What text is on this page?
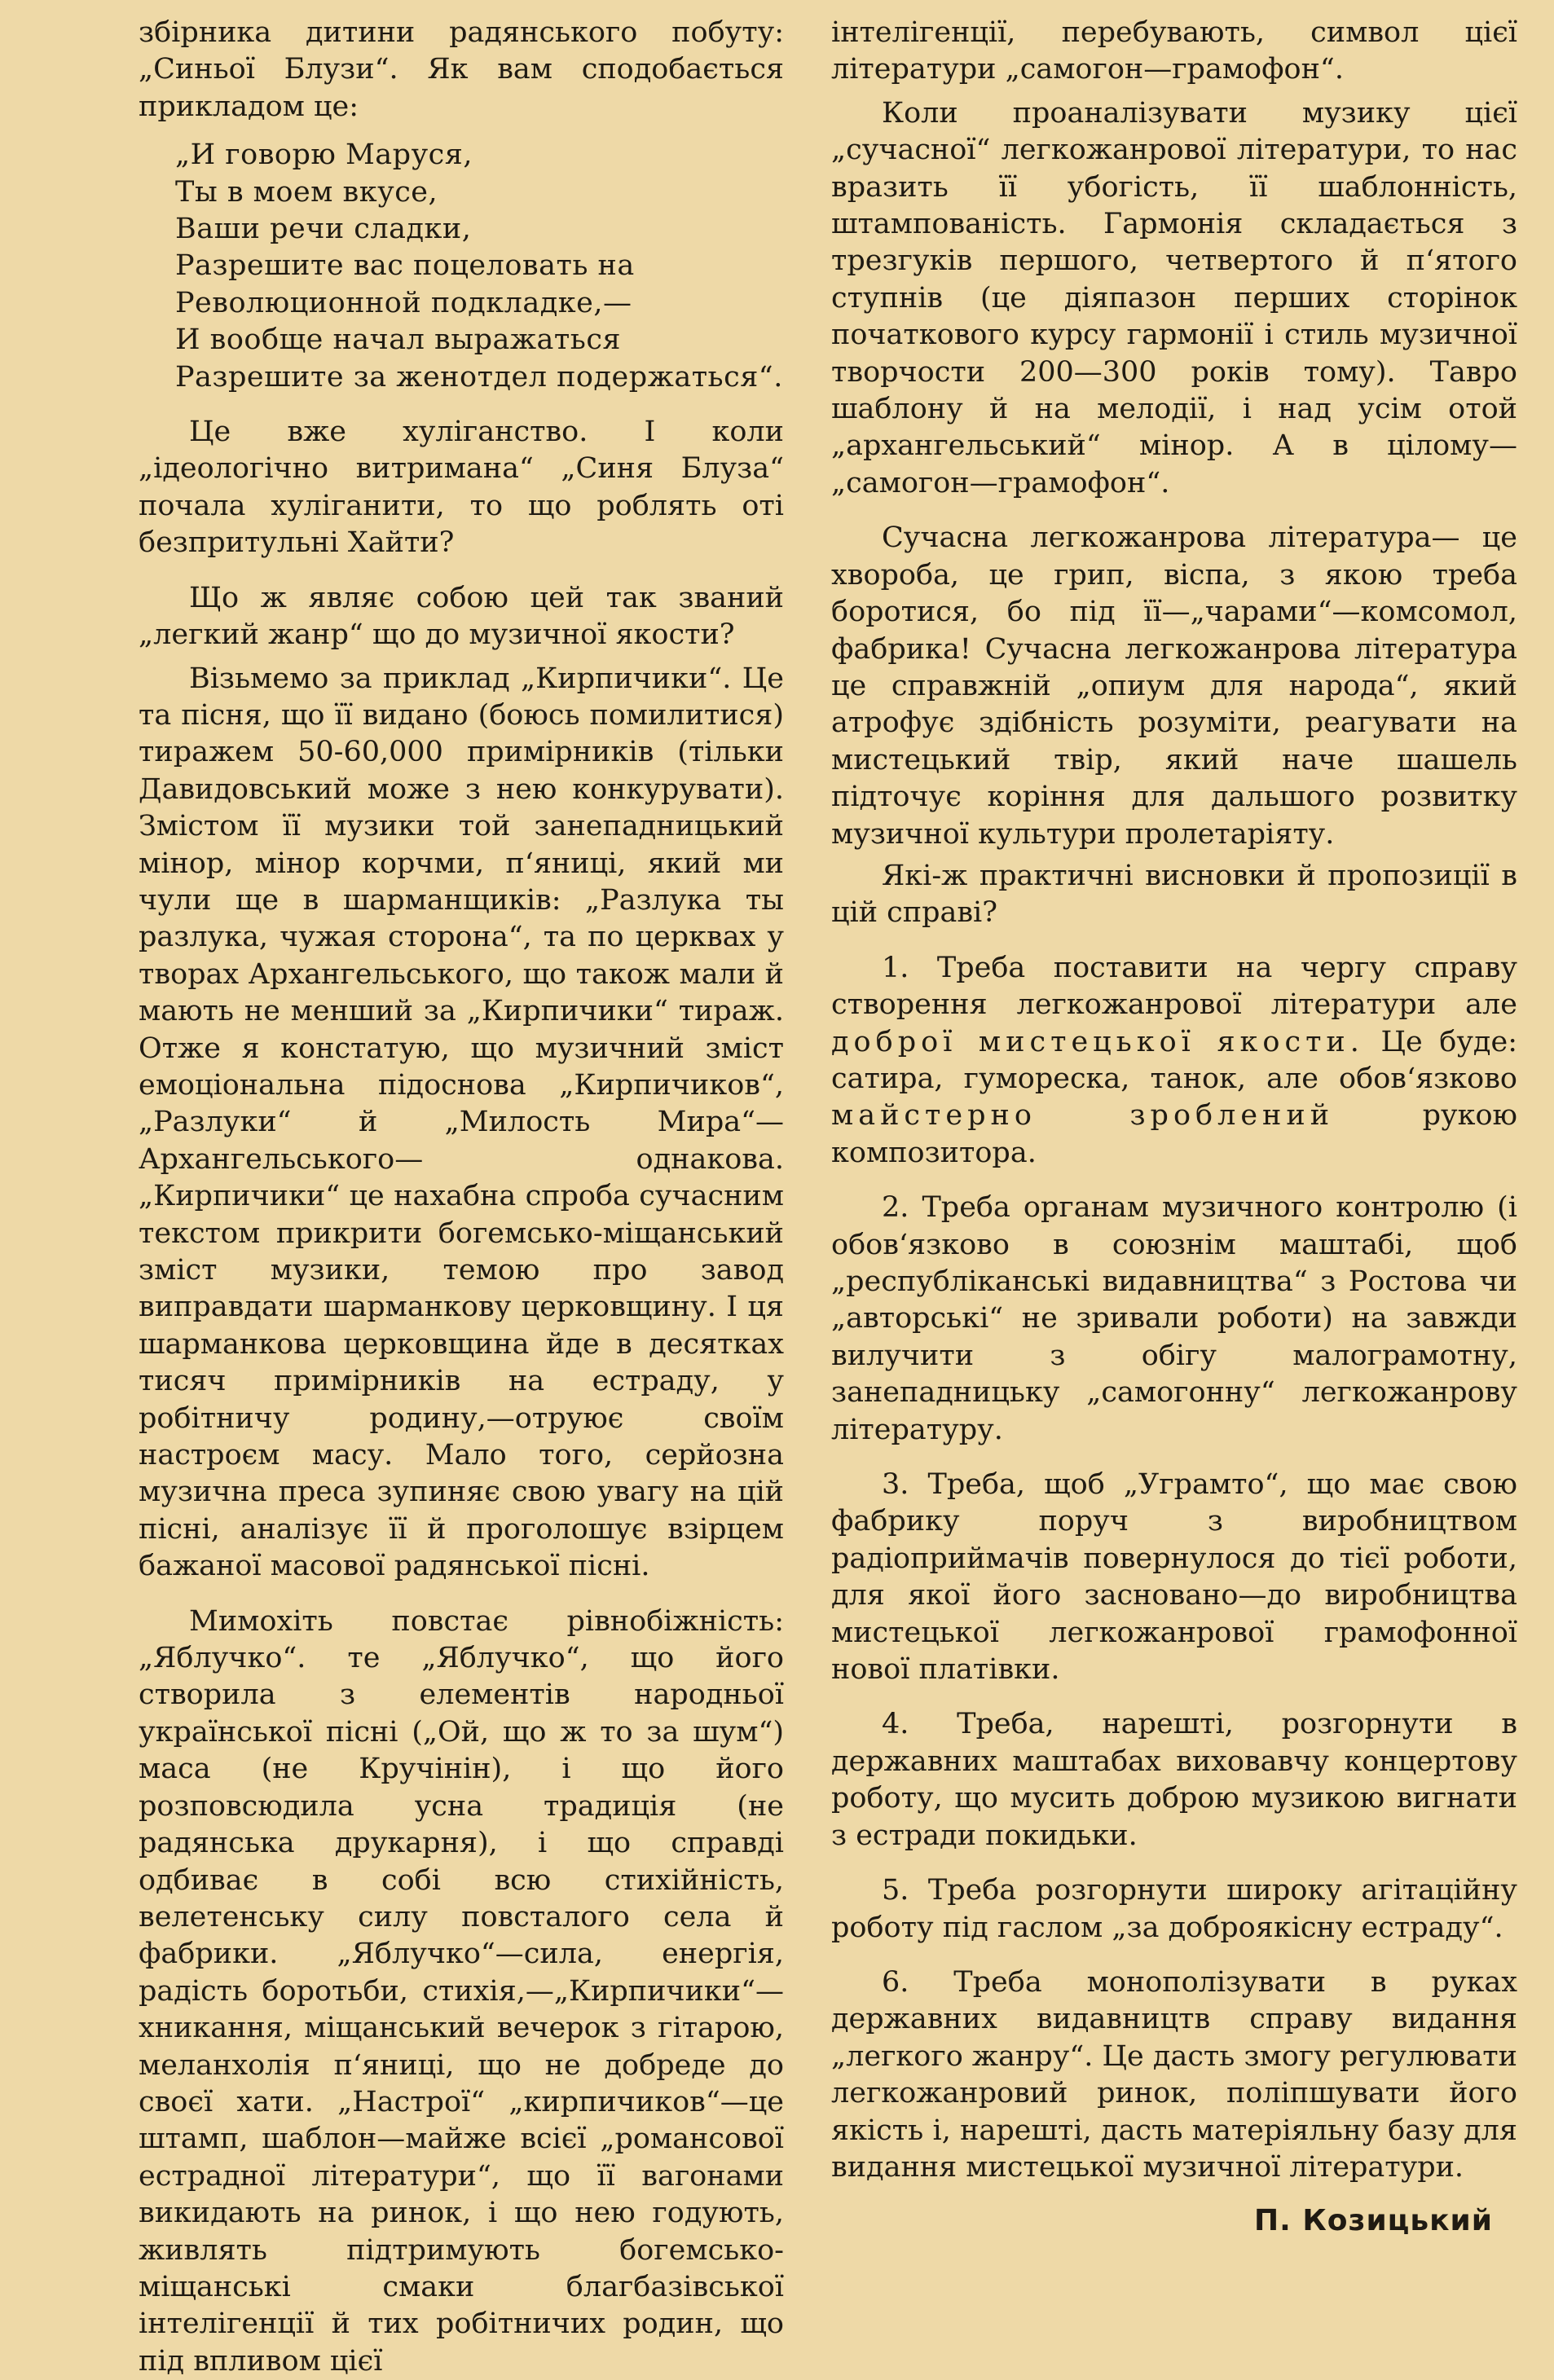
збірника дитини радянського побуту: „Синьої Блузи“. Як вам сподобається прикладом це:

„И говорю Маруся,
Ты в моем вкусе,
Ваши речи сладки,
Разрешите вас поцеловать на
Революционной подкладке,—
И вообще начал выражаться
Разрешите за женотдел подержаться“.

Це вже хуліганство. І коли „ідеологічно витримана“ „Синя Блуза“ почала хуліганити, то що роблять оті безпритульні Хайти?

Що ж являє собою цей так званий „легкий жанр“ що до музичної якости?

Візьмемо за приклад „Кирпичики“. Це та пісня, що її видано (боюсь помилитися) тиражем 50-60,000 примірників (тільки Давидовський може з нею конкурувати). Змістом її музики той занепадницький мінор, мінор корчми, п‘яниці, який ми чули ще в шарманщиків: „Разлука ты разлука, чужая сторона“, та по церквах у творах Архангельського, що також мали й мають не менший за „Кирпичики“ тираж. Отже я констатую, що музичний зміст емоціональна підоснова „Кирпичиков“, „Разлуки“ й „Милость Мира“— Архангельського— однакова. „Кирпичики“ це нахабна спроба сучасним текстом прикрити богемсько-міщанський зміст музики, темою про завод виправдати шарманкову церковщину. І ця шарманкова церковщина йде в десятках тисяч примірників на естраду, у робітничу родину,—отруює своїм настроєм масу. Мало того, серйозна музична преса зупиняє свою увагу на цій пісні, аналізує її й проголошує взірцем бажаної масової радянської пісні.

Мимохіть повстає рівнобіжність: „Яблучко“. те „Яблучко“, що його створила з елементів народньої української пісні („Ой, що ж то за шум“) маса (не Кручінін), і що його розповсюдила усна традиція (не радянська друкарня), і що справді одбиває в собі всю стихійність, велетенську силу повсталого села й фабрики. „Яблучко“—сила, енергія, радість боротьби, стихія,—„Кирпичики“— хникання, міщанський вечерок з гітарою, меланхолія п‘яниці, що не добреде до своєї хати. „Настрої“ „кирпичиков“—це штамп, шаблон—майже всієї „романсової естрадної літератури“, що її вагонами викидають на ринок, і що нею годують, живлять підтримують богемсько-міщанські смаки благбазівської інтелігенції й тих робітничих родин, що під впливом цієї

інтелігенції, перебувають, символ цієї літератури „самогон—грамофон“.

Коли проаналізувати музику цієї „сучасної“ легкожанрової літератури, то нас вразить її убогість, її шаблонність, штампованість. Гармонія складається з трезгуків першого, четвертого й п‘ятого ступнів (це діяпазон перших сторінок початкового курсу гармонії і стиль музичної творчости 200—300 років тому). Тавро шаблону й на мелодії, і над усім отой „архангельський“ мінор. А в цілому—„самогон—грамофон“.

Сучасна легкожанрова література— це хвороба, це грип, віспа, з якою треба боротися, бо під її—„чарами“—комсомол, фабрика! Сучасна легкожанрова література це справжній „опиум для народа“, який атрофує здібність розуміти, реагувати на мистецький твір, який наче шашель підточує коріння для дальшого розвитку музичної культури пролетаріяту.

Які-ж практичні висновки й пропозиції в цій справі?

1. Треба поставити на чергу справу створення легкожанрової літератури але доброї мистецької якости. Це буде: сатира, гумореска, танок, але обов‘язково майстерно зроблений рукою композитора.

2. Треба органам музичного контролю (і обов‘язково в союзнім маштабі, щоб „республіканські видавництва“ з Ростова чи „авторські“ не зривали роботи) на завжди вилучити з обігу малограмотну, занепадницьку „самогонну“ легкожанрову літературу.

3. Треба, щоб „Уграмто“, що має свою фабрику поруч з виробництвом радіоприймачів повернулося до тієї роботи, для якої його засновано—до виробництва мистецької легкожанрової грамофонної нової платівки.

4. Треба, нарешті, розгорнути в державних маштабах виховавчу концертову роботу, що мусить доброю музикою вигнати з естради покидьки.

5. Треба розгорнути широку агітаційну роботу під гаслом „за доброякісну естраду“.

6. Треба монополізувати в руках державних видавництв справу видання „легкого жанру“. Це дасть змогу регулювати легкожанровий ринок, поліпшувати його якість і, нарешті, дасть матеріяльну базу для видання мистецької музичної літератури.

П. Козицький
